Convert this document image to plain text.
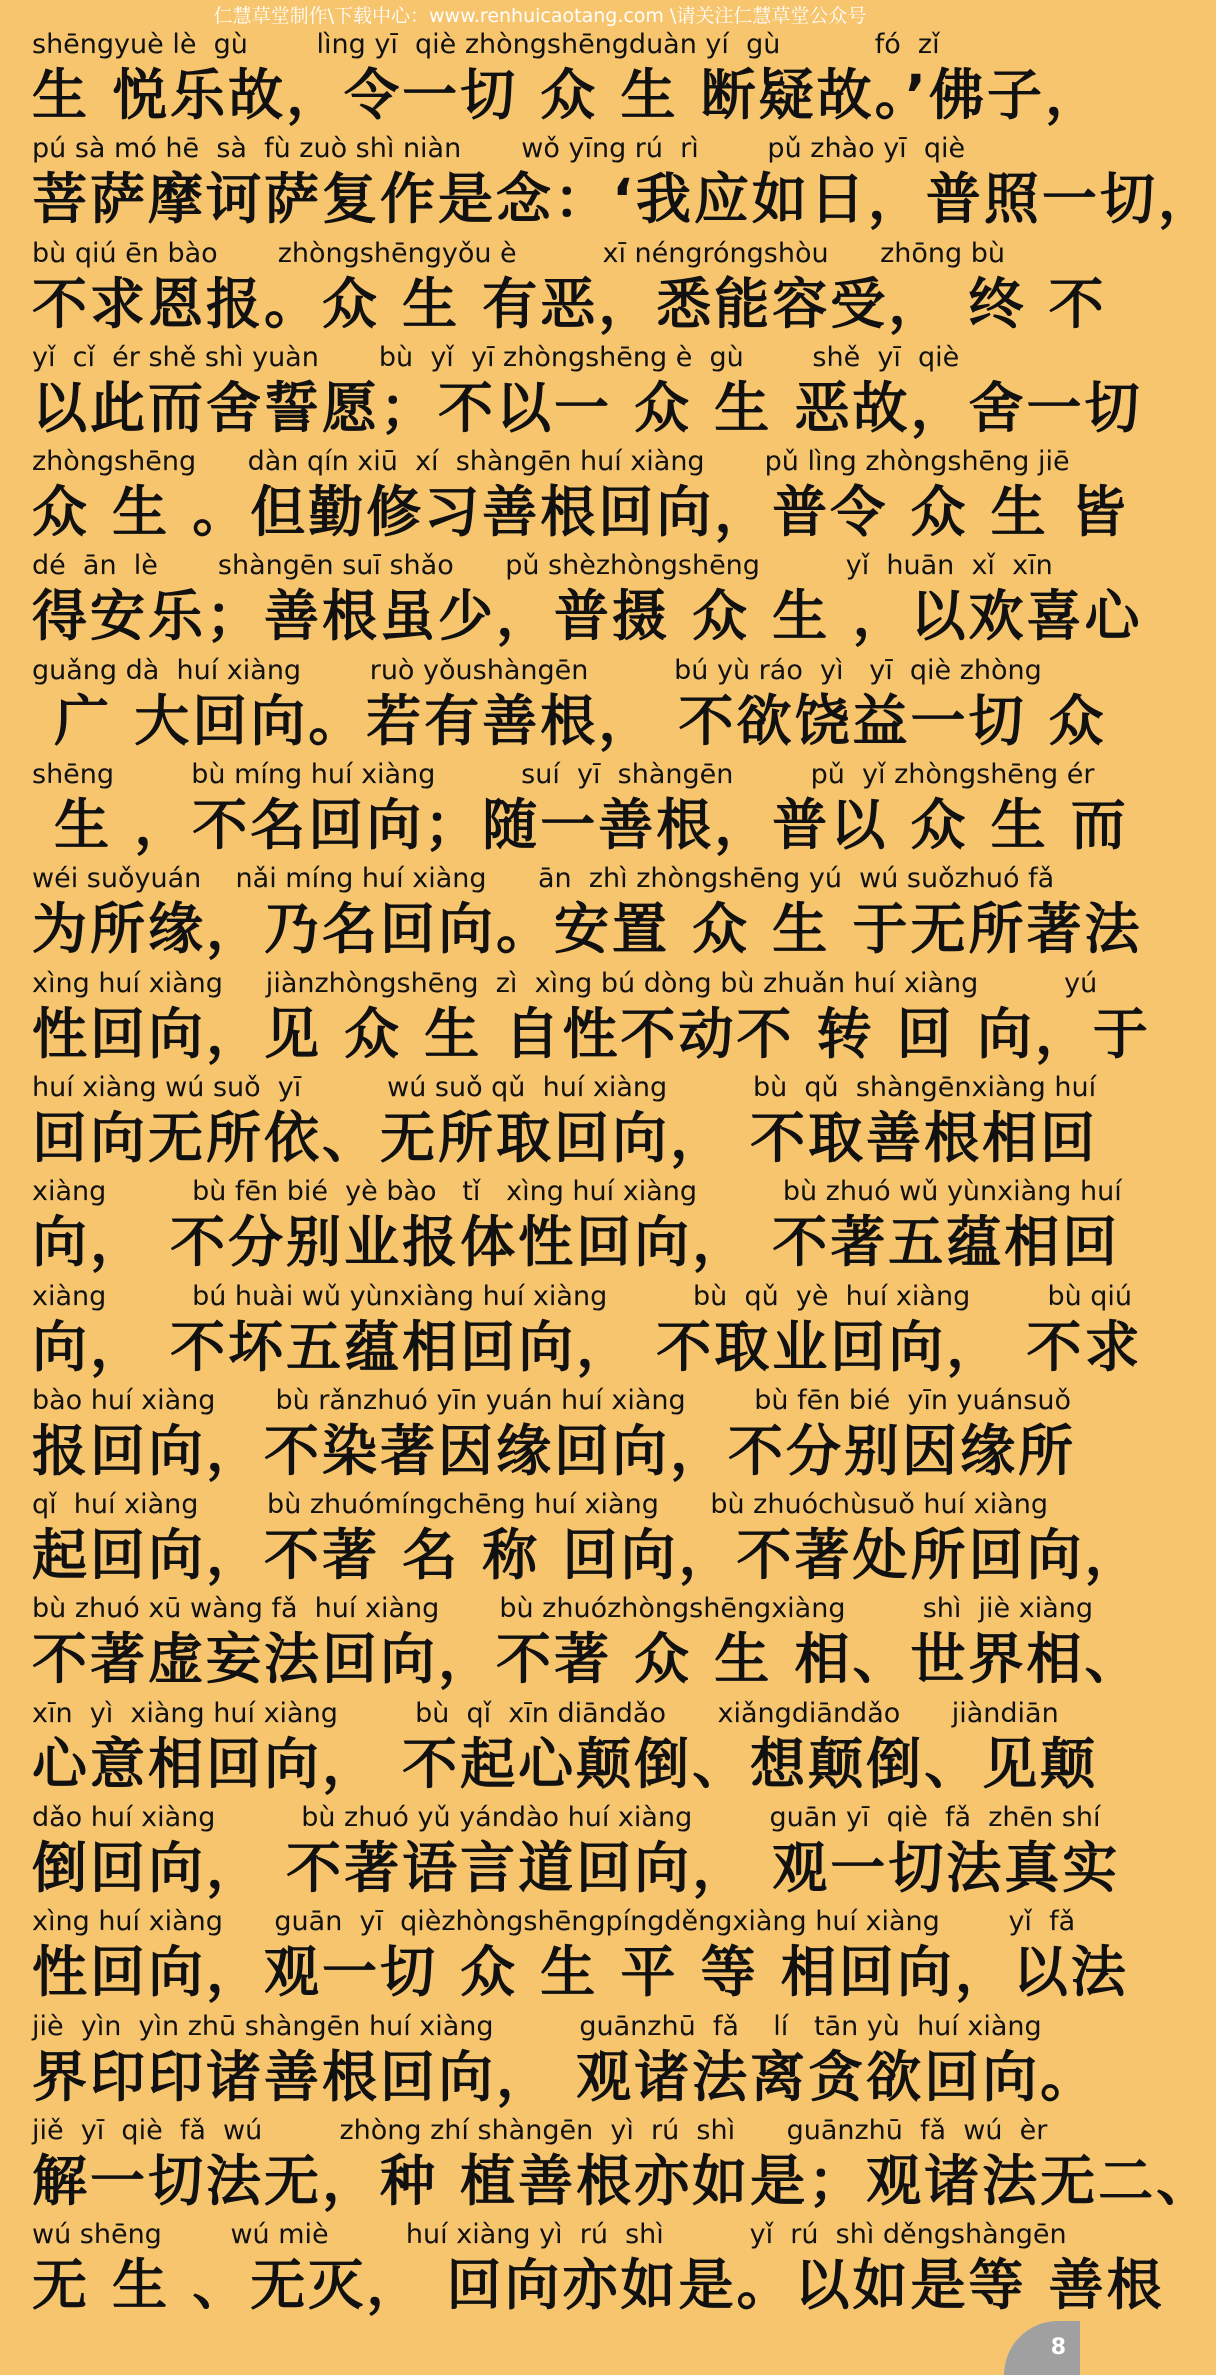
仁慧草堂制作\下载中心：www.renhuicaotang.com \请关注仁慧草堂公众号
shēngyuè lè  gù        lìng yī  qiè zhòngshēngduàn yí  gù           fó  zǐ
生 悦乐故，令一切 众 生 断疑故。’佛子，
pú sà mó hē  sà  fù zuò shì niàn       wǒ yīng rú  rì        pǔ zhào yī  qiè
菩萨摩诃萨复作是念：‘我应如日，普照一切，
bù qiú ēn bào       zhòngshēngyǒu è          xī néngróngshòu      zhōng bù
不求恩报。众 生 有恶，悉能容受， 终 不
yǐ  cǐ  ér shě shì yuàn       bù  yǐ  yī zhòngshēng è  gù        shě  yī  qiè
以此而舍誓愿；不以一 众 生 恶故，舍一切
zhòngshēng      dàn qín xiū  xí  shàngēn huí xiàng       pǔ lìng zhòngshēng jiē
众 生 。但勤修习善根回向，普令 众 生 皆
dé  ān  lè       shàngēn suī shǎo      pǔ shèzhòngshēng          yǐ  huān  xǐ  xīn
得安乐；善根虽少，普摄 众 生 ，以欢喜心
guǎng dà  huí xiàng        ruò yǒushàngēn          bú yù ráo  yì   yī  qiè zhòng
广 大回向。若有善根， 不欲饶益一切 众
shēng         bù míng huí xiàng          suí  yī  shàngēn         pǔ  yǐ zhòngshēng ér
生 ，不名回向；随一善根，普以 众 生 而
wéi suǒyuán    nǎi míng huí xiàng      ān  zhì zhòngshēng yú  wú suǒzhuó fǎ
为所缘，乃名回向。安置 众 生 于无所著法
xìng huí xiàng     jiànzhòngshēng  zì  xìng bú dòng bù zhuǎn huí xiàng          yú
性回向，见 众 生 自性不动不 转 回 向，于
huí xiàng wú suǒ  yī          wú suǒ qǔ  huí xiàng          bù  qǔ  shàngēnxiàng huí
回向无所依、无所取回向， 不取善根相回
xiàng          bù fēn bié  yè bào   tǐ   xìng huí xiàng          bù zhuó wǔ yùnxiàng huí
向， 不分别业报体性回向， 不著五蕴相回
xiàng          bú huài wǔ yùnxiàng huí xiàng          bù  qǔ  yè  huí xiàng         bù qiú
向， 不坏五蕴相回向， 不取业回向， 不求
bào huí xiàng       bù rǎnzhuó yīn yuán huí xiàng        bù fēn bié  yīn yuánsuǒ
报回向，不染著因缘回向，不分别因缘所
qǐ  huí xiàng        bù zhuómíngchēng huí xiàng      bù zhuóchùsuǒ huí xiàng
起回向，不著 名 称 回向，不著处所回向，
bù zhuó xū wàng fǎ  huí xiàng       bù zhuózhòngshēngxiàng         shì  jiè xiàng
不著虚妄法回向，不著 众 生 相、世界相、
xīn  yì  xiàng huí xiàng         bù  qǐ  xīn diāndǎo      xiǎngdiāndǎo      jiàndiān
心意相回向， 不起心颠倒、想颠倒、见颠
dǎo huí xiàng          bù zhuó yǔ yándào huí xiàng         guān yī  qiè  fǎ  zhēn shí
倒回向， 不著语言道回向， 观一切法真实
xìng huí xiàng      guān  yī  qièzhòngshēngpíngděngxiàng huí xiàng        yǐ  fǎ
性回向，观一切 众 生 平 等 相回向，以法
jiè  yìn  yìn zhū shàngēn huí xiàng          guānzhū  fǎ    lí   tān yù  huí xiàng
界印印诸善根回向， 观诸法离贪欲回向。
jiě  yī  qiè  fǎ  wú         zhòng zhí shàngēn  yì  rú  shì      guānzhū  fǎ  wú  èr
解一切法无，种 植善根亦如是；观诸法无二、
wú shēng        wú miè         huí xiàng yì  rú  shì          yǐ  rú  shì děngshàngēn
无 生 、无灭， 回向亦如是。以如是等 善根
8
